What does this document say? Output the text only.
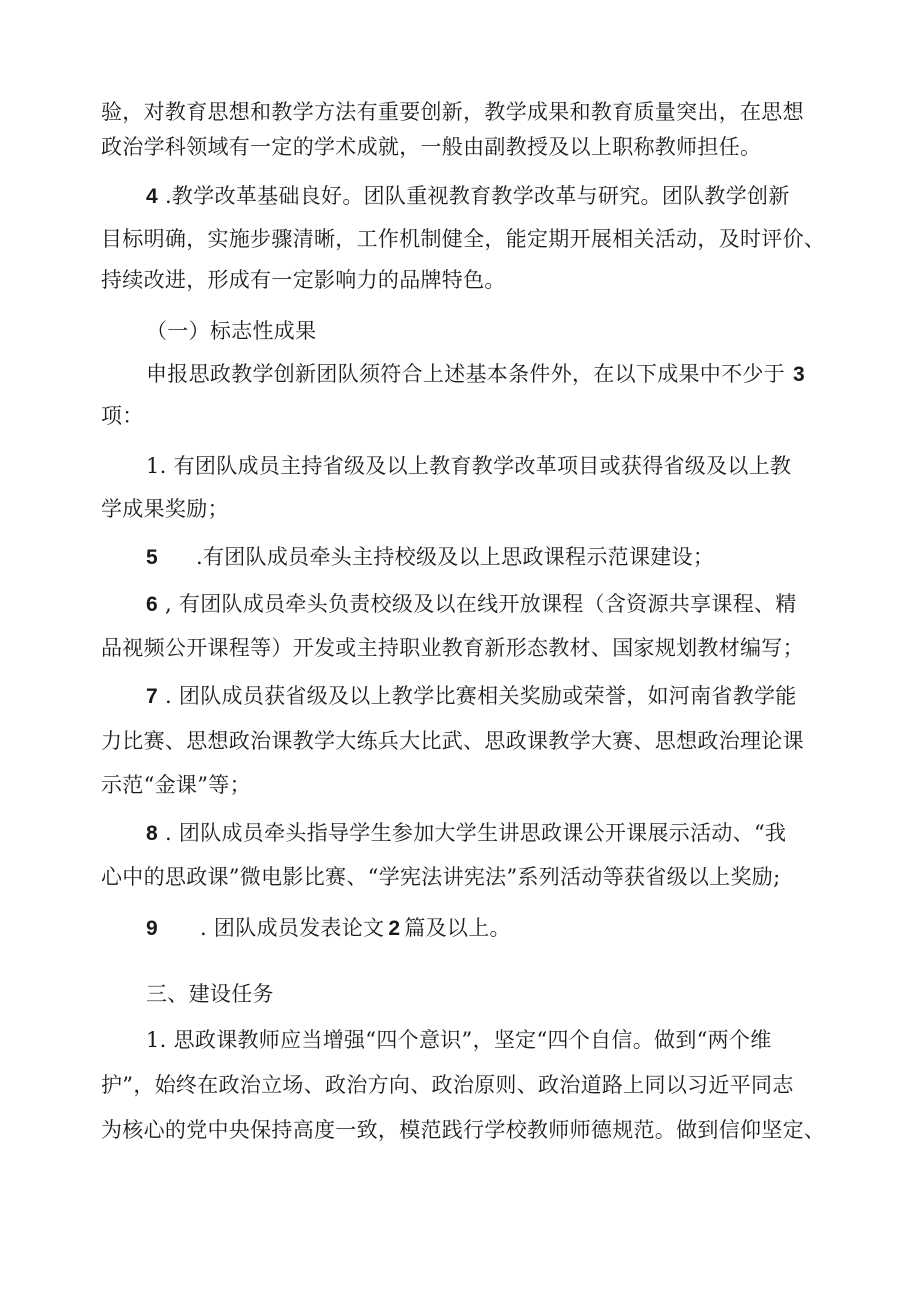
验，对教育思想和教学方法有重要创新，教学成果和教育质量突出，在思想
政治学科领域有一定的学术成就，一般由副教授及以上职称教师担任。
4 .教学改革基础良好。团队重视教育教学改革与研究。团队教学创新
目标明确，实施步骤清晰，工作机制健全，能定期开展相关活动，及时评价、
持续改进，形成有一定影响力的品牌特色。
（一）标志性成果
申报思政教学创新团队须符合上述基本条件外，在以下成果中不少于 3
项：
1. 有团队成员主持省级及以上教育教学改革项目或获得省级及以上教
学成果奖励；
5 .有团队成员牵头主持校级及以上思政课程示范课建设；
6 , 有团队成员牵头负责校级及以在线开放课程（含资源共享课程、精
品视频公开课程等）开发或主持职业教育新形态教材、国家规划教材编写；
7 . 团队成员获省级及以上教学比赛相关奖励或荣誉，如河南省教学能
力比赛、思想政治课教学大练兵大比武、思政课教学大赛、思想政治理论课
示范“金课”等；
8 . 团队成员牵头指导学生参加大学生讲思政课公开课展示活动、“我
心中的思政课”微电影比赛、“学宪法讲宪法”系列活动等获省级以上奖励;
9 . 团队成员发表论文 2 篇及以上。
三、建设任务
1. 思政课教师应当增强“四个意识”，坚定“四个自信。做到“两个维
护”，始终在政治立场、政治方向、政治原则、政治道路上同以习近平同志
为核心的党中央保持高度一致，模范践行学校教师师德规范。做到信仰坚定、
